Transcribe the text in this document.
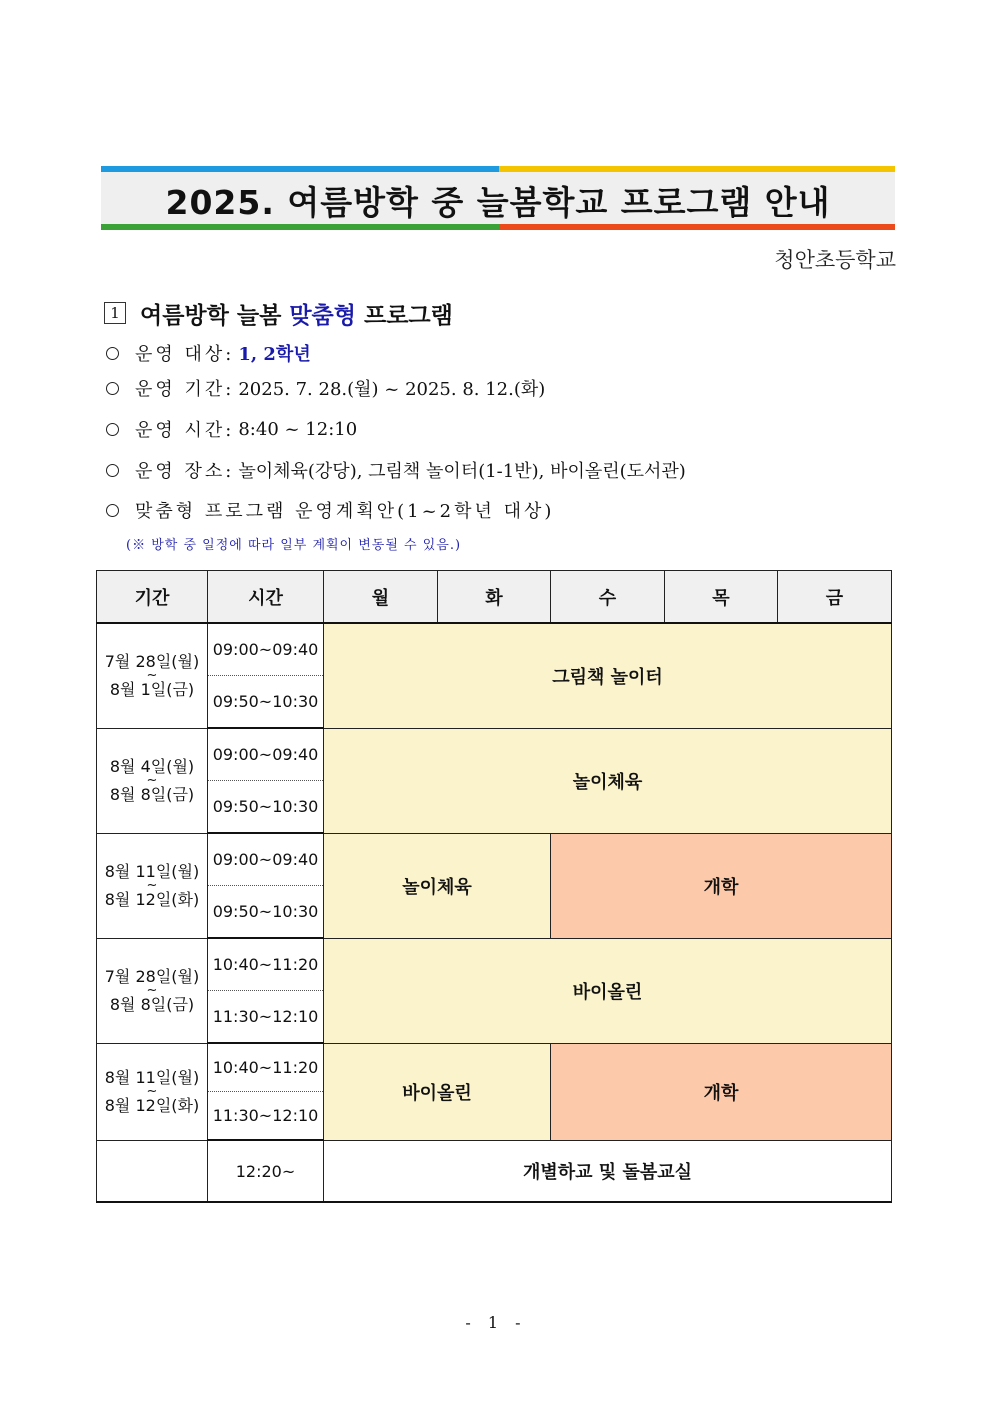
2025. 여름방학 중 늘봄학교 프로그램 안내
청안초등학교
1 여름방학 늘봄 맞춤형 프로그램
운영 대상: 1, 2학년
운영 기간: 2025. 7. 28.(월) ~ 2025. 8. 12.(화)
운영 시간: 8:40 ~ 12:10
운영 장소: 놀이체육(강당), 그림책 놀이터(1-1반), 바이올린(도서관)
맞춤형 프로그램 운영계획안(1~2학년 대상)
(※ 방학 중 일정에 따라 일부 계획이 변동될 수 있음.)
기간	시간	월	화	수	목	금
7월 28일(월)
~
8월 1일(금)	09:00~09:40	그림책 놀이터				
	09:50~10:30					
8월 4일(월)
~
8월 8일(금)	09:00~09:40	놀이체육				
	09:50~10:30					
8월 11일(월)
~
8월 12일(화)	09:00~09:40	놀이체육		개학		
	09:50~10:30					
7월 28일(월)
~
8월 8일(금)	10:40~11:20	바이올린				
	11:30~12:10					
8월 11일(월)
~
8월 12일(화)	10:40~11:20	바이올린		개학		
	11:30~12:10					
	12:20~	개별하교 및 돌봄교실				
- 1 -
